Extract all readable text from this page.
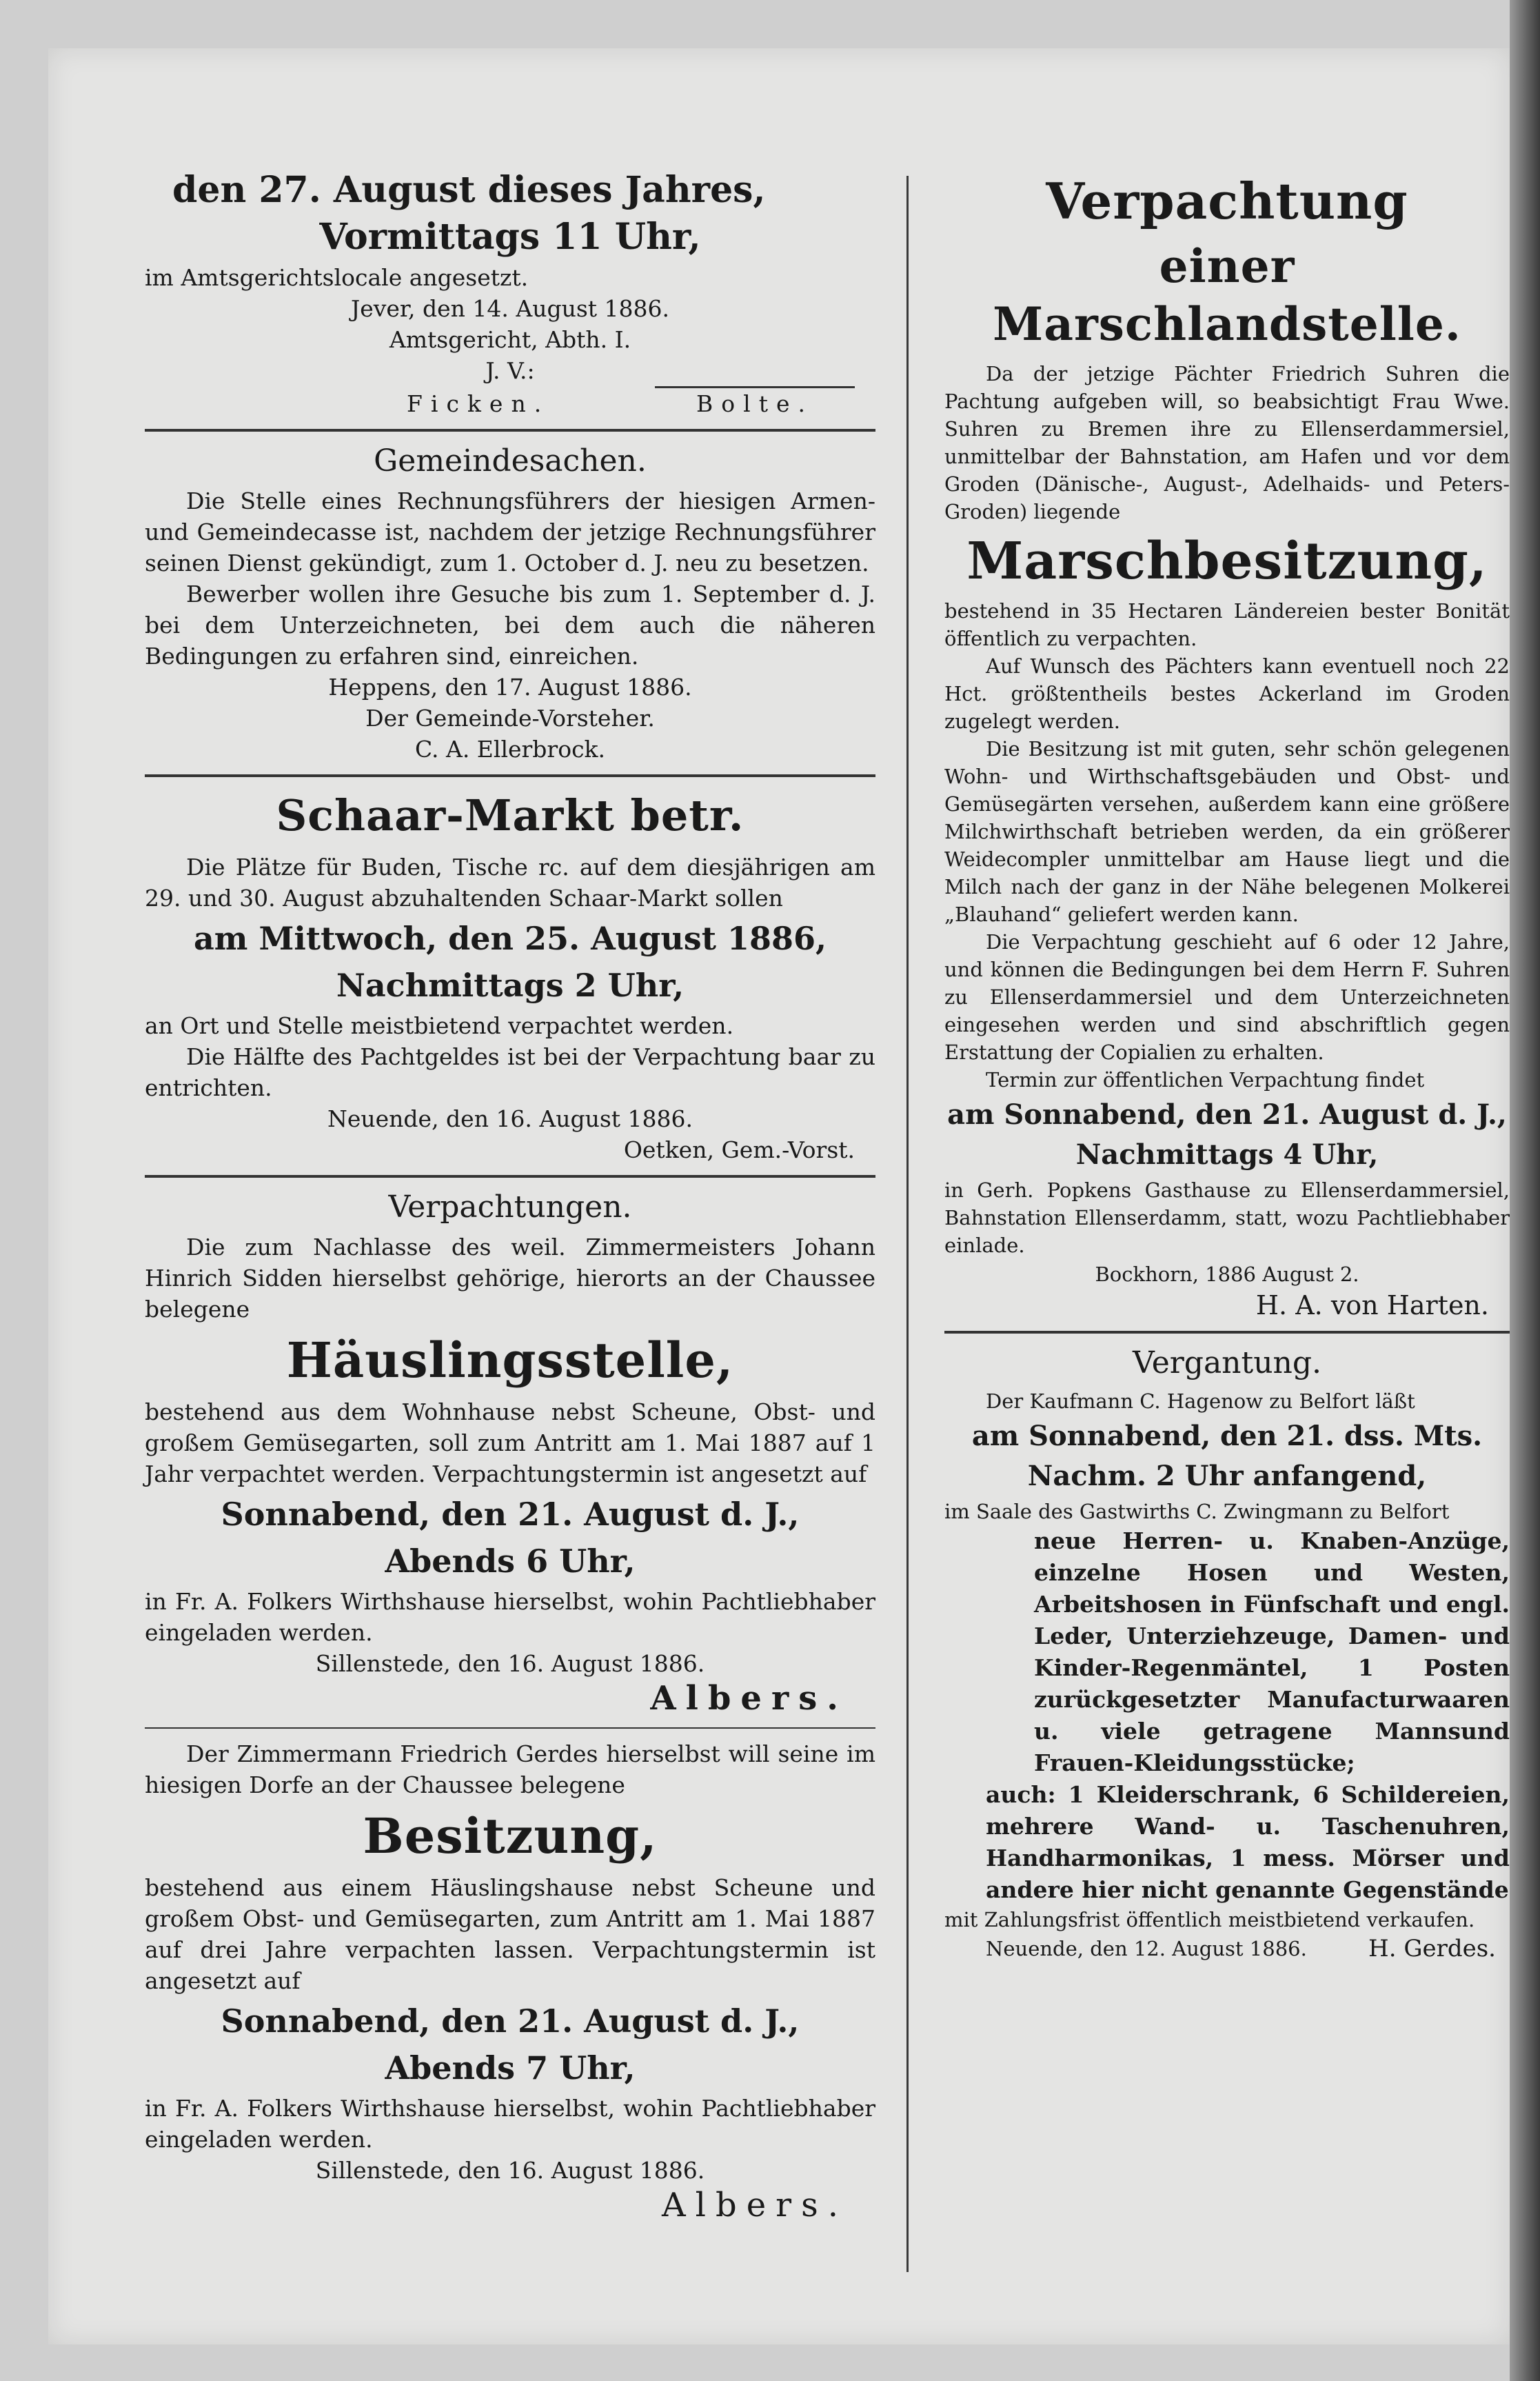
den 27. August dieses Jahres,
Vormittags 11 Uhr,

im Amtsgerichtslocale angesetzt.

Jever, den 14. August 1886.

Amtsgericht, Abth. I.

J. V.:

Ficken.	Bolte.
Gemeindesachen.

Die Stelle eines Rechnungsführers der hiesigen Armen- und Gemeindecasse ist, nachdem der jetzige Rechnungsführer seinen Dienst gekündigt, zum 1. October d. J. neu zu besetzen.

Bewerber wollen ihre Gesuche bis zum 1. September d. J. bei dem Unterzeichneten, bei dem auch die näheren Bedingungen zu erfahren sind, einreichen.

Heppens, den 17. August 1886.

Der Gemeinde-Vorsteher.

C. A. Ellerbrock.

Schaar-Markt betr.

Die Plätze für Buden, Tische rc. auf dem diesjährigen am 29. und 30. August abzuhaltenden Schaar-Markt sollen

am Mittwoch, den 25. August 1886,
Nachmittags 2 Uhr,

an Ort und Stelle meistbietend verpachtet werden.

Die Hälfte des Pachtgeldes ist bei der Verpachtung baar zu entrichten.

Neuende, den 16. August 1886.

Oetken, Gem.-Vorst.

Verpachtungen.

Die zum Nachlasse des weil. Zimmermeisters Johann Hinrich Sidden hierselbst gehörige, hierorts an der Chaussee belegene

Häuslingsstelle,

bestehend aus dem Wohnhause nebst Scheune, Obst- und großem Gemüsegarten, soll zum Antritt am 1. Mai 1887 auf 1 Jahr verpachtet werden. Verpachtungstermin ist angesetzt auf

Sonnabend, den 21. August d. J.,
Abends 6 Uhr,

in Fr. A. Folkers Wirthshause hierselbst, wohin Pachtliebhaber eingeladen werden.

Sillenstede, den 16. August 1886.

Albers.

Der Zimmermann Friedrich Gerdes hierselbst will seine im hiesigen Dorfe an der Chaussee belegene

Besitzung,

bestehend aus einem Häuslingshause nebst Scheune und großem Obst- und Gemüsegarten, zum Antritt am 1. Mai 1887 auf drei Jahre verpachten lassen. Verpachtungstermin ist angesetzt auf

Sonnabend, den 21. August d. J.,
Abends 7 Uhr,

in Fr. A. Folkers Wirthshause hierselbst, wohin Pachtliebhaber eingeladen werden.

Sillenstede, den 16. August 1886.

Albers.
Verpachtung
einer Marschlandstelle.

Da der jetzige Pächter Friedrich Suhren die Pachtung aufgeben will, so beabsichtigt Frau Wwe. Suhren zu Bremen ihre zu Ellenserdammersiel, unmittelbar der Bahnstation, am Hafen und vor dem Groden (Dänische-, August-, Adelhaids- und Peters-Groden) liegende

Marschbesitzung,

bestehend in 35 Hectaren Ländereien bester Bonität öffentlich zu verpachten.

Auf Wunsch des Pächters kann eventuell noch 22 Hct. größtentheils bestes Ackerland im Groden zugelegt werden.

Die Besitzung ist mit guten, sehr schön gelegenen Wohn- und Wirthschaftsgebäuden und Obst- und Gemüsegärten versehen, außerdem kann eine größere Milchwirthschaft betrieben werden, da ein größerer Weidecompler unmittelbar am Hause liegt und die Milch nach der ganz in der Nähe belegenen Molkerei „Blauhand“ geliefert werden kann.

Die Verpachtung geschieht auf 6 oder 12 Jahre, und können die Bedingungen bei dem Herrn F. Suhren zu Ellenserdammersiel und dem Unterzeichneten eingesehen werden und sind abschriftlich gegen Erstattung der Copialien zu erhalten.

Termin zur öffentlichen Verpachtung findet

am Sonnabend, den 21. August d. J.,
Nachmittags 4 Uhr,

in Gerh. Popkens Gasthause zu Ellenserdammersiel, Bahnstation Ellenserdamm, statt, wozu Pachtliebhaber einlade.

Bockhorn, 1886 August 2.

H. A. von Harten.

Vergantung.

Der Kaufmann C. Hagenow zu Belfort läßt

am Sonnabend, den 21. dss. Mts.
Nachm. 2 Uhr anfangend,

im Saale des Gastwirths C. Zwingmann zu Belfort

neue Herren- u. Knaben-Anzüge, einzelne Hosen und Westen, Arbeitshosen in Fünfschaft und engl. Leder, Unterziehzeuge, Damen- und Kinder-Regenmäntel, 1 Posten zurückgesetzter Manufacturwaaren u. viele getragene Mannsund Frauen-Kleidungsstücke;

auch: 1 Kleiderschrank, 6 Schildereien, mehrere Wand- u. Taschenuhren, Handharmonikas, 1 mess. Mörser und andere hier nicht genannte Gegenstände

mit Zahlungsfrist öffentlich meistbietend verkaufen.

Neuende, den 12. August 1886.	H. Gerdes.
